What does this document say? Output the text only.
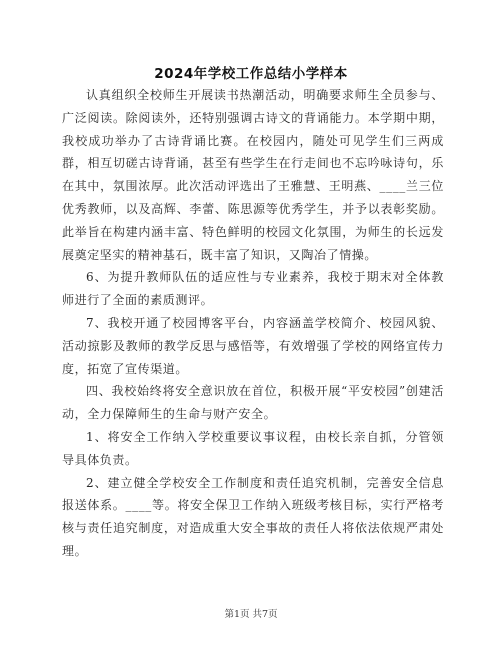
2024年学校工作总结小学样本

认真组织全校师生开展读书热潮活动，明确要求师生全员参与、广泛阅读。除阅读外，还特别强调古诗文的背诵能力。本学期中期，我校成功举办了古诗背诵比赛。在校园内，随处可见学生们三两成群，相互切磋古诗背诵，甚至有些学生在行走间也不忘吟咏诗句，乐在其中，氛围浓厚。此次活动评选出了王雅慧、王明燕、____兰三位优秀教师，以及高辉、李蕾、陈思源等优秀学生，并予以表彰奖励。此举旨在构建内涵丰富、特色鲜明的校园文化氛围，为师生的长远发展奠定坚实的精神基石，既丰富了知识，又陶冶了情操。

6、为提升教师队伍的适应性与专业素养，我校于期末对全体教师进行了全面的素质测评。

7、我校开通了校园博客平台，内容涵盖学校简介、校园风貌、活动掠影及教师的教学反思与感悟等，有效增强了学校的网络宣传力度，拓宽了宣传渠道。

四、我校始终将安全意识放在首位，积极开展“平安校园”创建活动，全力保障师生的生命与财产安全。

1、将安全工作纳入学校重要议事议程，由校长亲自抓，分管领导具体负责。

2、建立健全学校安全工作制度和责任追究机制，完善安全信息报送体系。____等。将安全保卫工作纳入班级考核目标，实行严格考核与责任追究制度，对造成重大安全事故的责任人将依法依规严肃处理。

第1页 共7页
